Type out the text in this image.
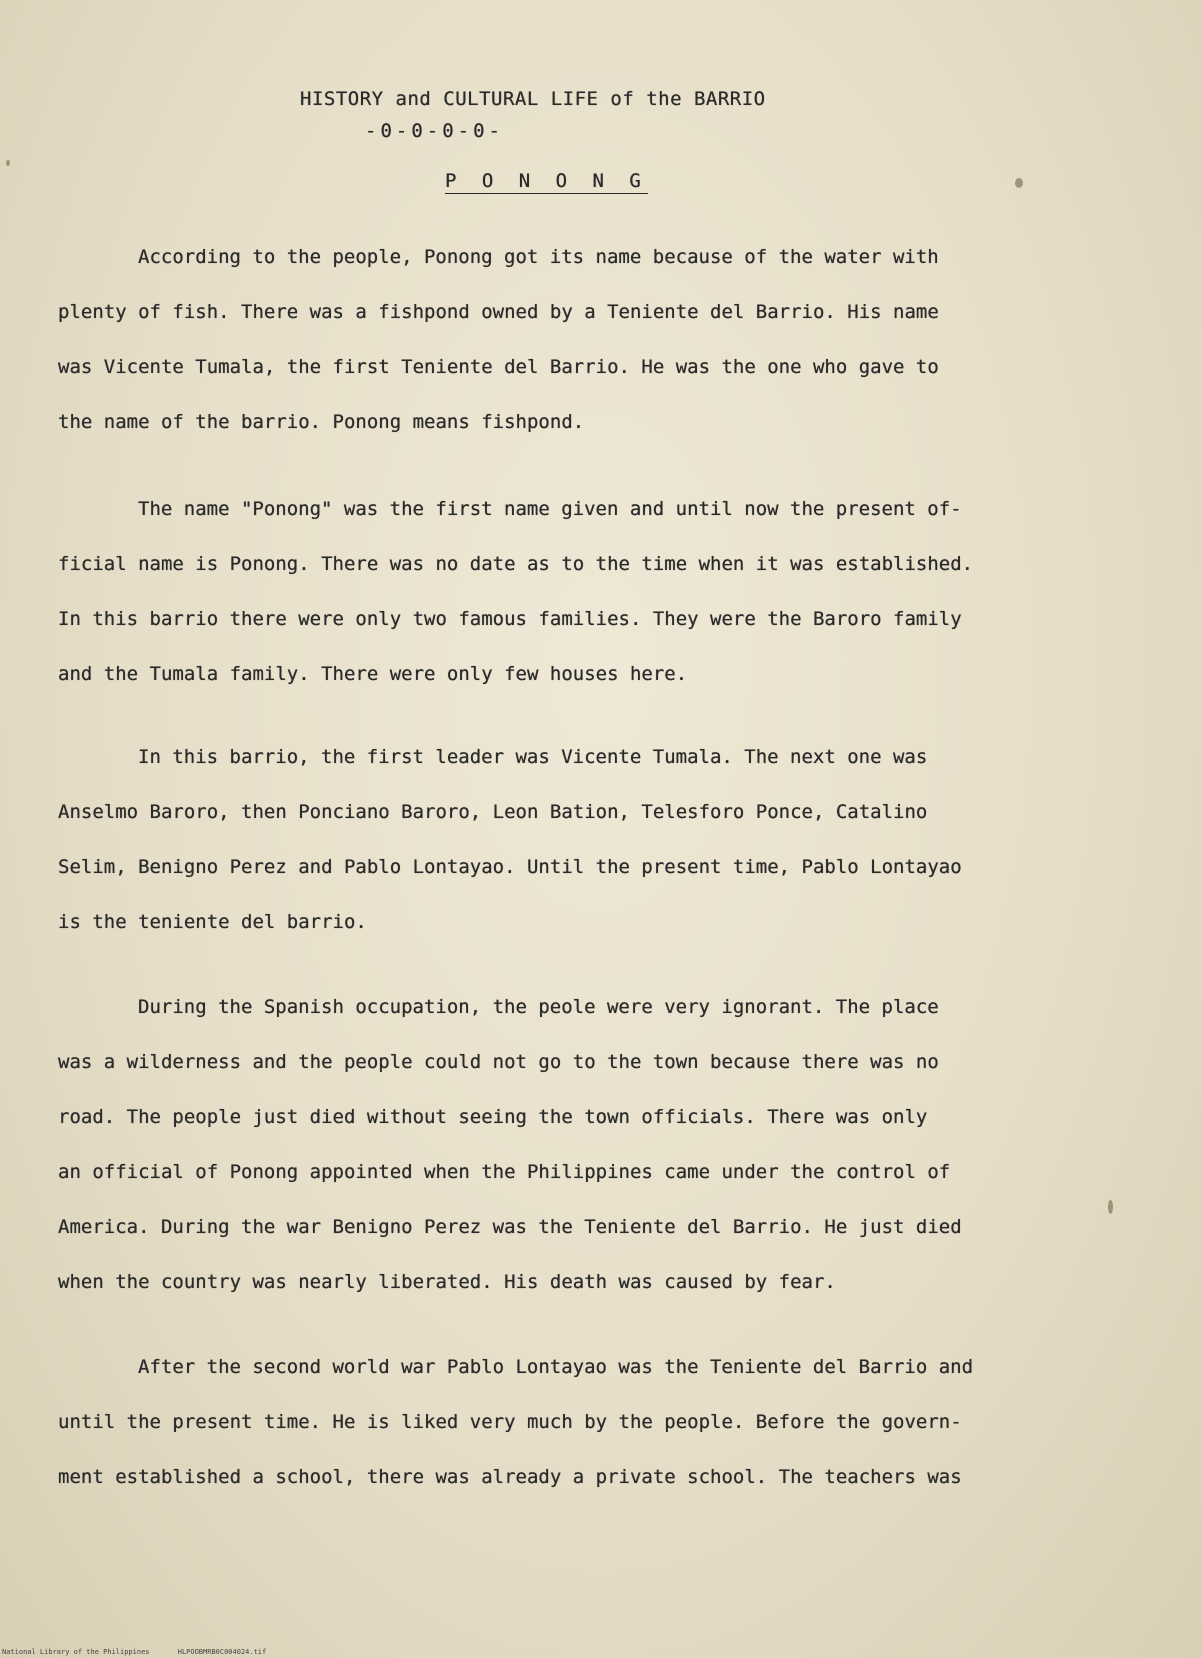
HISTORY and CULTURAL LIFE of the BARRIO

-0-0-0-0-

P O N O N G

According to the people, Ponong got its name because of the water with
plenty of fish. There was a fishpond owned by a Teniente del Barrio. His name
was Vicente Tumala, the first Teniente del Barrio. He was the one who gave to
the name of the barrio. Ponong means fishpond.
The name "Ponong" was the first name given and until now the present of-
ficial name is Ponong. There was no date as to the time when it was established.
In this barrio there were only two famous families. They were the Baroro family
and the Tumala family. There were only few houses here.
In this barrio, the first leader was Vicente Tumala. The next one was
Anselmo Baroro, then Ponciano Baroro, Leon Bation, Telesforo Ponce, Catalino
Selim, Benigno Perez and Pablo Lontayao. Until the present time, Pablo Lontayao
is the teniente del barrio.
During the Spanish occupation, the peole were very ignorant. The place
was a wilderness and the people could not go to the town because there was no
road. The people just died without seeing the town officials. There was only
an official of Ponong appointed when the Philippines came under the control of
America. During the war Benigno Perez was the Teniente del Barrio. He just died
when the country was nearly liberated. His death was caused by fear.
After the second world war Pablo Lontayao was the Teniente del Barrio and
until the present time. He is liked very much by the people. Before the govern-
ment established a school, there was already a private school. The teachers was
National Library of the Philippines	HLPOOBMRB0C004024.tif
